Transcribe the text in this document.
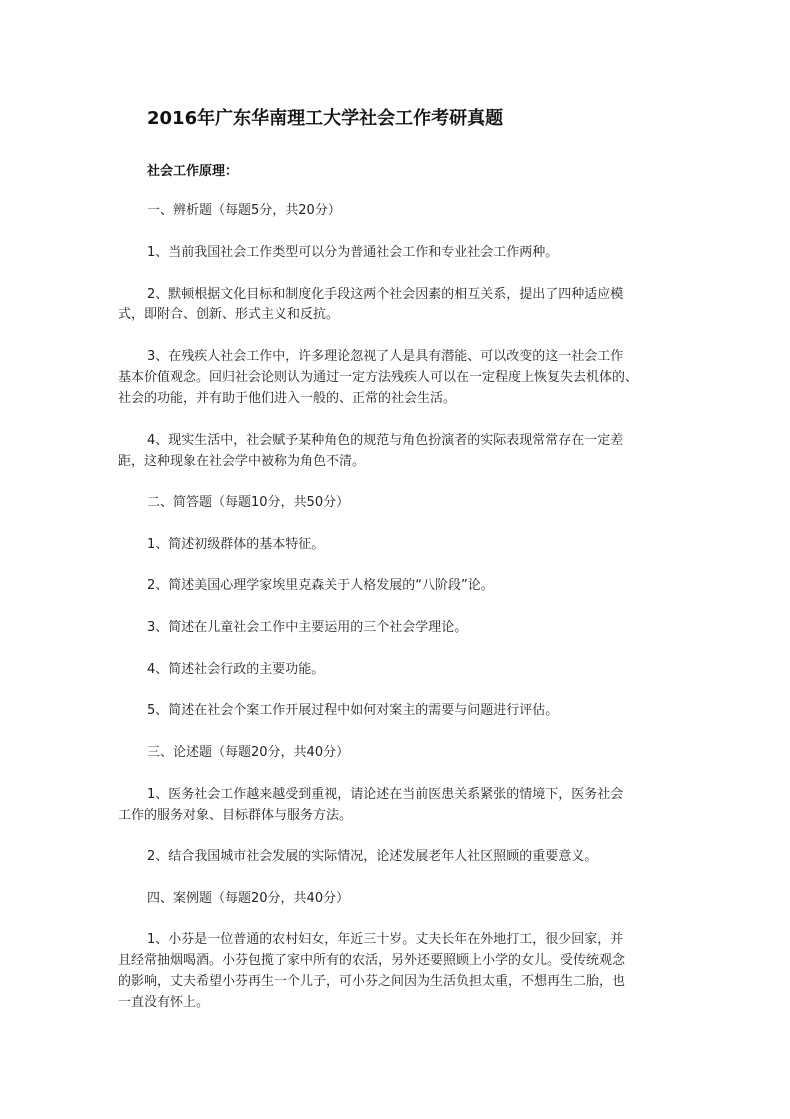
2016年广东华南理工大学社会工作考研真题
社会工作原理：
一、辨析题（每题5分，共20分）
1、当前我国社会工作类型可以分为普通社会工作和专业社会工作两种。
2、默顿根据文化目标和制度化手段这两个社会因素的相互关系，提出了四种适应模
式，即附合、创新、形式主义和反抗。
3、在残疾人社会工作中，许多理论忽视了人是具有潜能、可以改变的这一社会工作
基本价值观念。回归社会论则认为通过一定方法残疾人可以在一定程度上恢复失去机体的、
社会的功能，并有助于他们进入一般的、正常的社会生活。
4、现实生活中，社会赋予某种角色的规范与角色扮演者的实际表现常常存在一定差
距，这种现象在社会学中被称为角色不清。
二、简答题（每题10分，共50分）
1、简述初级群体的基本特征。
2、简述美国心理学家埃里克森关于人格发展的“八阶段”论。
3、简述在儿童社会工作中主要运用的三个社会学理论。
4、简述社会行政的主要功能。
5、简述在社会个案工作开展过程中如何对案主的需要与问题进行评估。
三、论述题（每题20分，共40分）
1、医务社会工作越来越受到重视，请论述在当前医患关系紧张的情境下，医务社会
工作的服务对象、目标群体与服务方法。
2、结合我国城市社会发展的实际情况，论述发展老年人社区照顾的重要意义。
四、案例题（每题20分，共40分）
1、小芬是一位普通的农村妇女，年近三十岁。丈夫长年在外地打工，很少回家，并
且经常抽烟喝酒。小芬包揽了家中所有的农活，另外还要照顾上小学的女儿。受传统观念
的影响，丈夫希望小芬再生一个儿子，可小芬之间因为生活负担太重，不想再生二胎，也
一直没有怀上。
